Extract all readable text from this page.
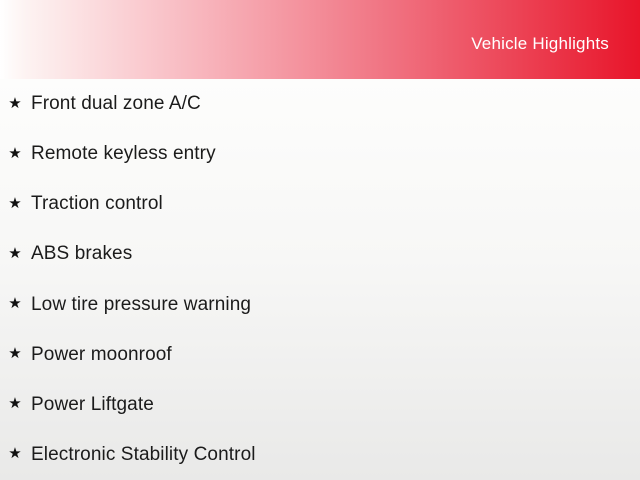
Vehicle Highlights
★ Front dual zone A/C
★ Remote keyless entry
★ Traction control
★ ABS brakes
★ Low tire pressure warning
★ Power moonroof
★ Power Liftgate
★ Electronic Stability Control
